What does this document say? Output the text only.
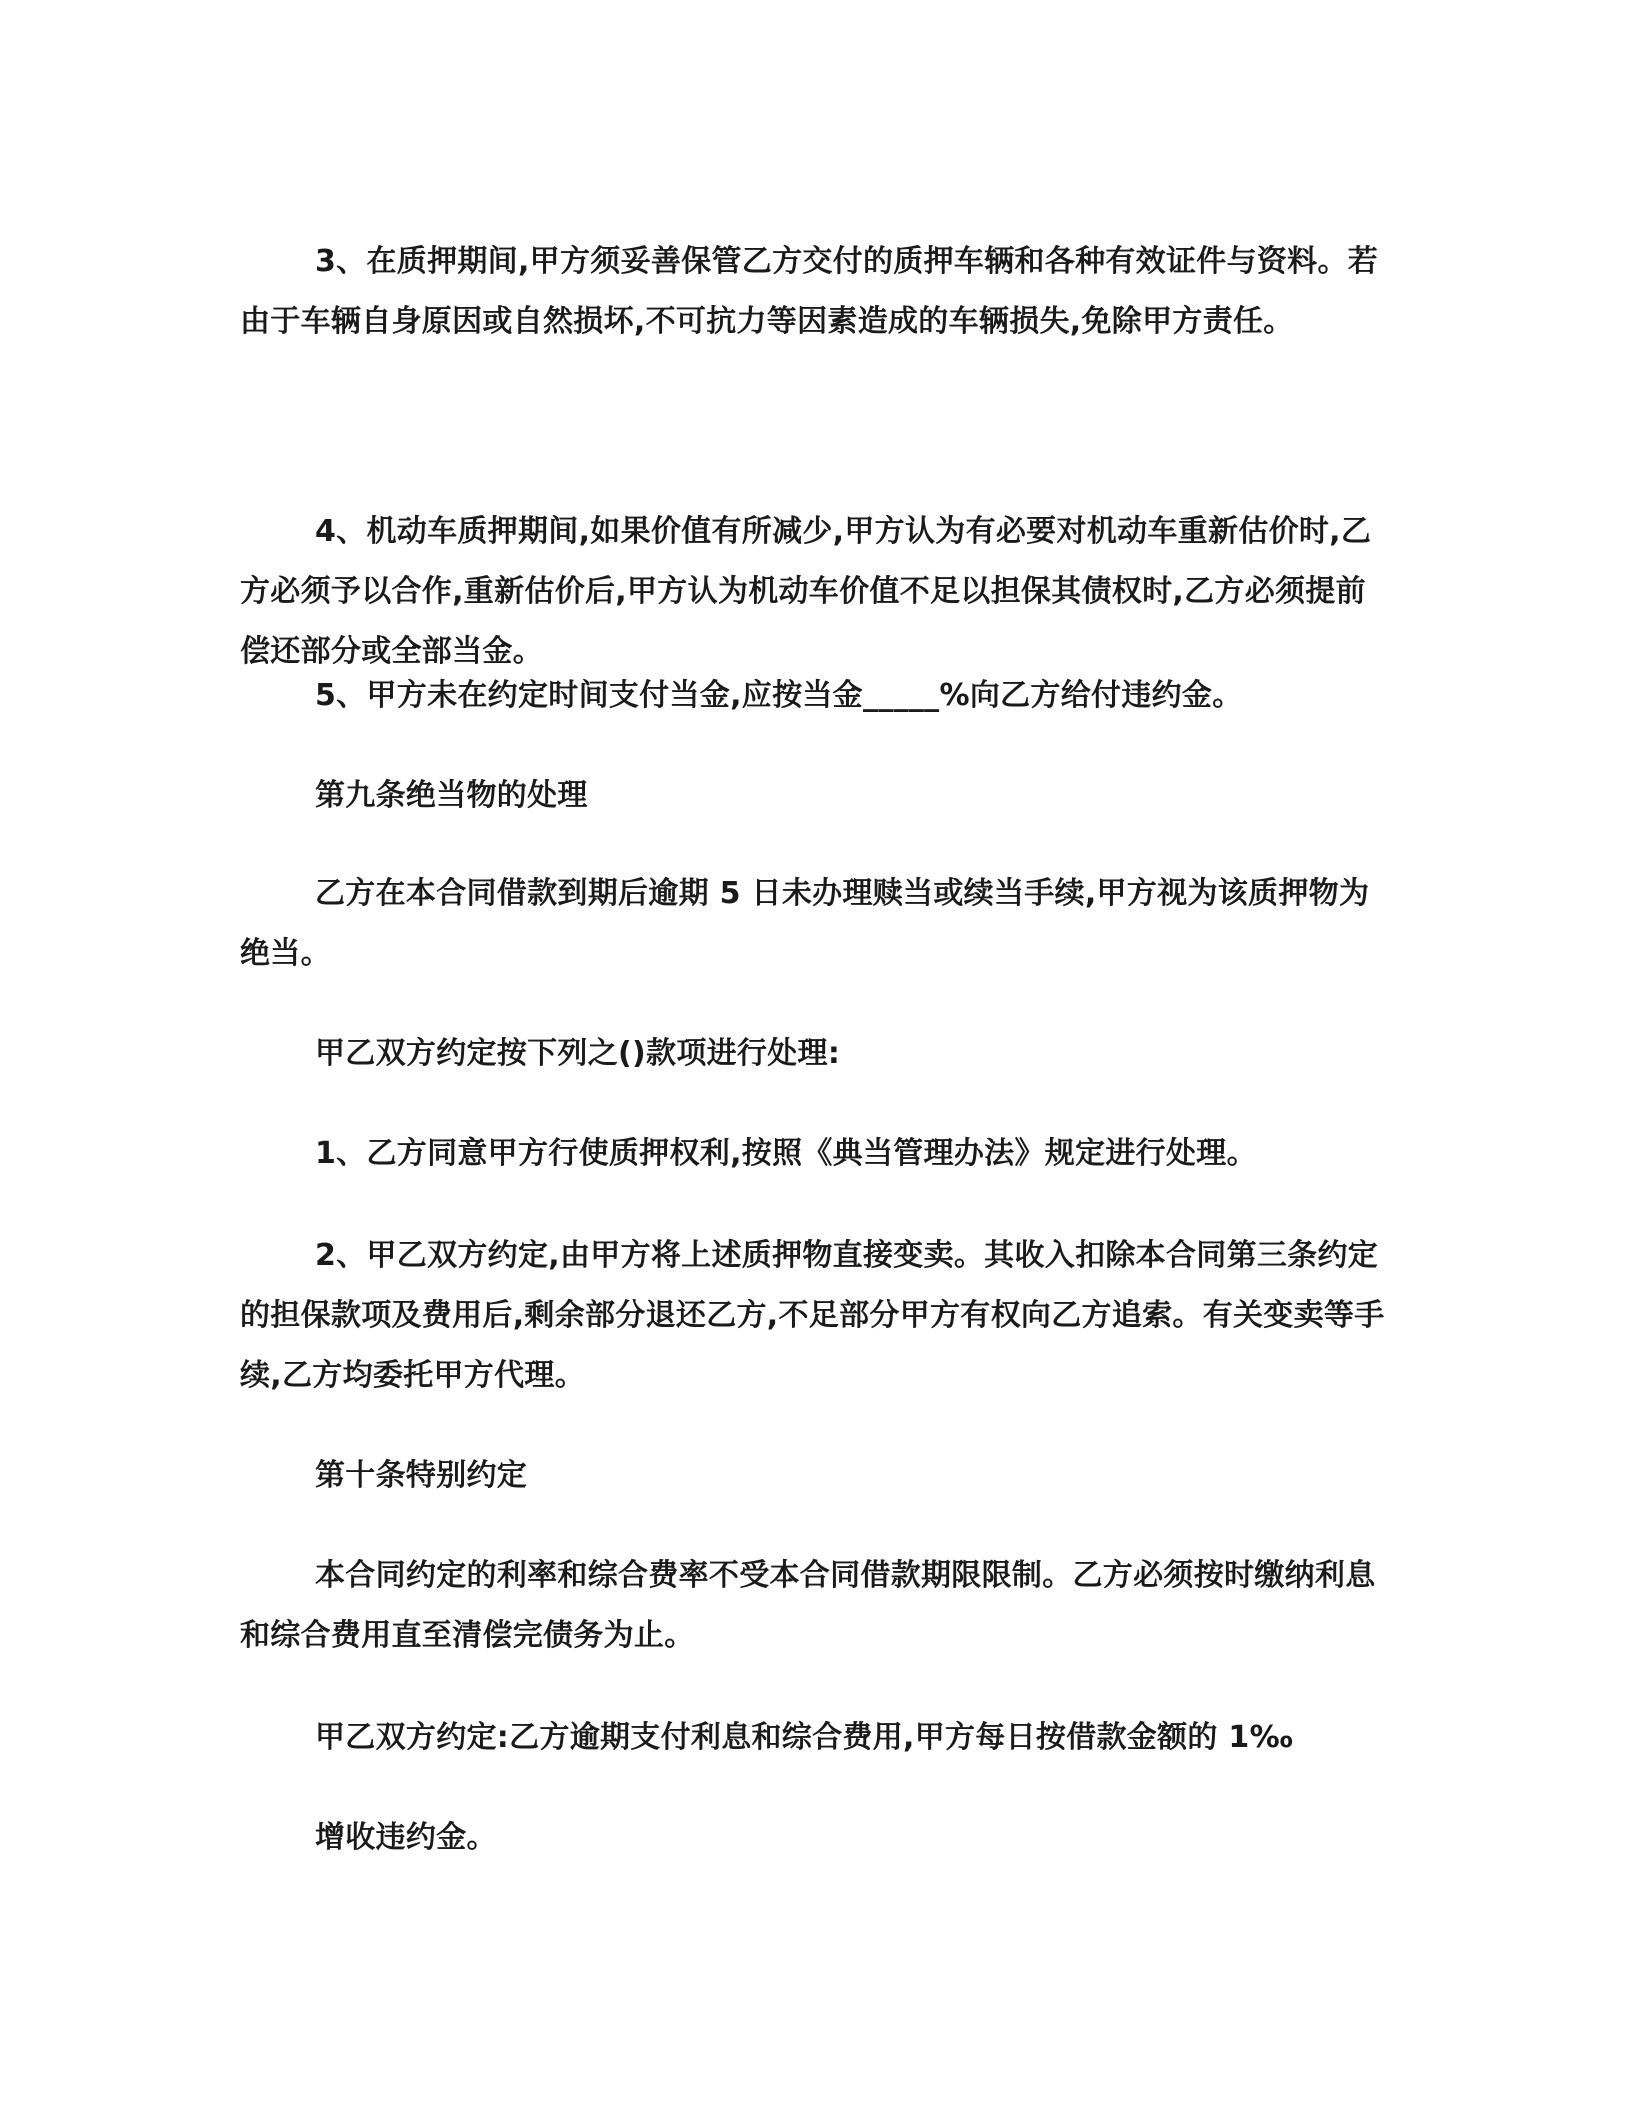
3、在质押期间,甲方须妥善保管乙方交付的质押车辆和各种有效证件与资料。若由于车辆自身原因或自然损坏,不可抗力等因素造成的车辆损失,免除甲方责任。

4、机动车质押期间,如果价值有所减少,甲方认为有必要对机动车重新估价时,乙方必须予以合作,重新估价后,甲方认为机动车价值不足以担保其债权时,乙方必须提前偿还部分或全部当金。

5、甲方未在约定时间支付当金,应按当金_____%向乙方给付违约金。

第九条绝当物的处理

乙方在本合同借款到期后逾期 5 日未办理赎当或续当手续,甲方视为该质押物为绝当。

甲乙双方约定按下列之()款项进行处理:

1、乙方同意甲方行使质押权利,按照《典当管理办法》规定进行处理。

2、甲乙双方约定,由甲方将上述质押物直接变卖。其收入扣除本合同第三条约定的担保款项及费用后,剩余部分退还乙方,不足部分甲方有权向乙方追索。有关变卖等手续,乙方均委托甲方代理。

第十条特别约定

本合同约定的利率和综合费率不受本合同借款期限限制。乙方必须按时缴纳利息和综合费用直至清偿完债务为止。

甲乙双方约定:乙方逾期支付利息和综合费用,甲方每日按借款金额的 1‰

增收违约金。
